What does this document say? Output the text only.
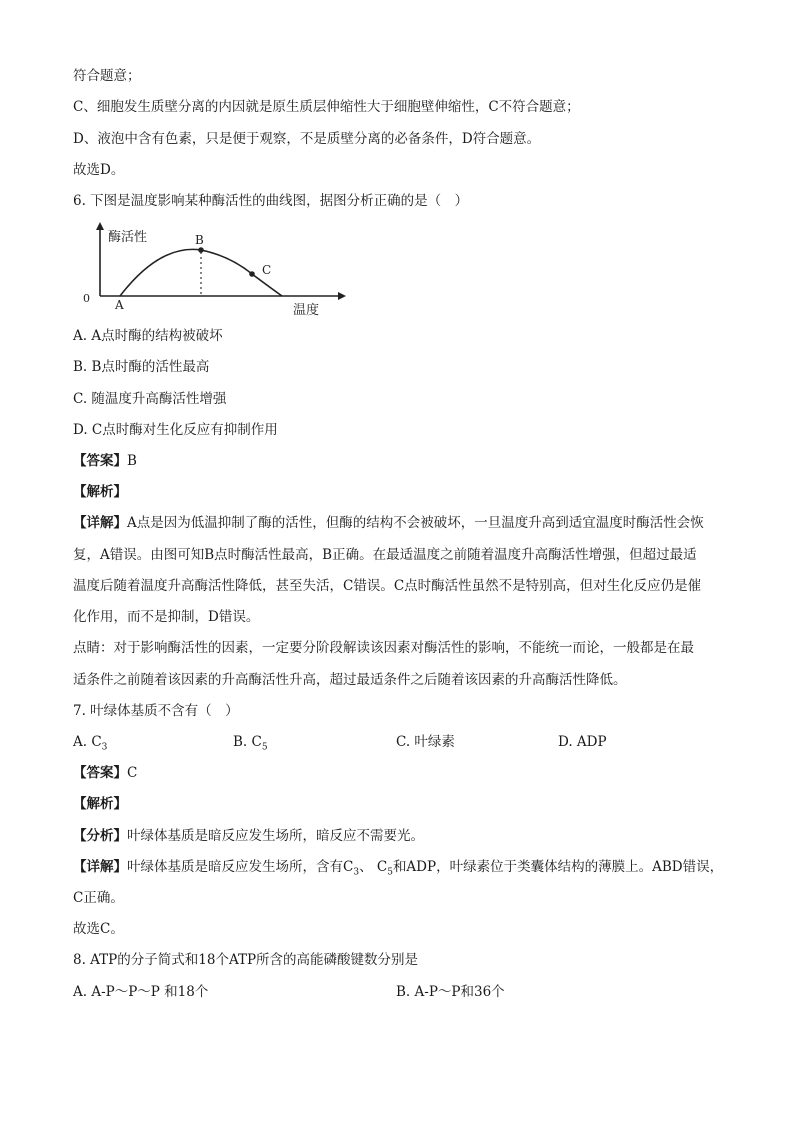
符合题意；
C、细胞发生质壁分离的内因就是原生质层伸缩性大于细胞壁伸缩性，C不符合题意；
D、液泡中含有色素，只是便于观察，不是质壁分离的必备条件，D符合题意。
故选D。
6. 下图是温度影响某种酶活性的曲线图，据图分析正确的是（　）
酶活性
温度
0 A
B
C
A. A点时酶的结构被破坏
B. B点时酶的活性最高
C. 随温度升高酶活性增强
D. C点时酶对生化反应有抑制作用
【答案】B
【解析】
【详解】A点是因为低温抑制了酶的活性，但酶的结构不会被破坏，一旦温度升高到适宜温度时酶活性会恢
复，A错误。由图可知B点时酶活性最高，B正确。在最适温度之前随着温度升高酶活性增强，但超过最适
温度后随着温度升高酶活性降低，甚至失活，C错误。C点时酶活性虽然不是特别高，但对生化反应仍是催
化作用，而不是抑制，D错误。
点睛：对于影响酶活性的因素，一定要分阶段解读该因素对酶活性的影响，不能统一而论，一般都是在最
适条件之前随着该因素的升高酶活性升高，超过最适条件之后随着该因素的升高酶活性降低。
7. 叶绿体基质不含有（　）
A. $C_3$	B. $C_5$	C. 叶绿素	D. ADP
【答案】C
【解析】
【分析】叶绿体基质是暗反应发生场所，暗反应不需要光。
【详解】叶绿体基质是暗反应发生场所，含有$C_3$、 $C_5$和ADP，叶绿素位于类囊体结构的薄膜上。ABD错误，
C正确。
故选C。
8. ATP的分子简式和18个ATP所含的高能磷酸键数分别是
A. A-P～P～P 和18个	B. A-P～P和36个
